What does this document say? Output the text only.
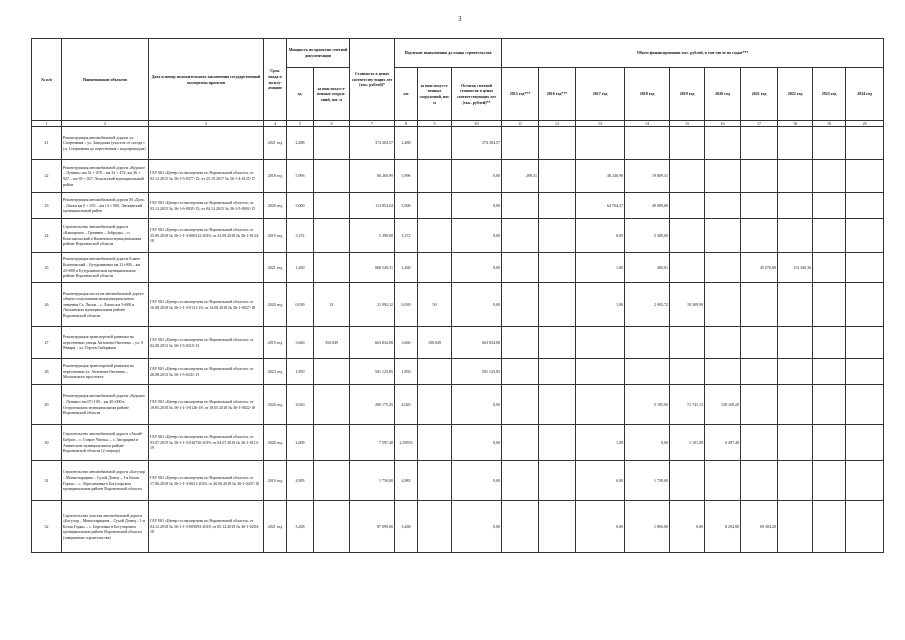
3
№ п/п	Наименование объектов	Дата и номер положительного заключения государственной экспертизы проектов	Срок ввода в эксплу-атацию	Мощность по проектно-сметной документации		Стоимость в ценах соответству-ющих лет (тыс. рублей)*	Подлежит выполнению до конца строительства			Объем финансирования тыс. рублей, в том числе по годам***									
				ед.	за ним искусст-венных сооруж-ений, пог. м		км	за ним искусст-венных сооружений, пог. м	Остаток сметной стоимости в ценах соответствующих лет (тыс. рублей)**	2015 год***	2016 год***	2017 год	2018 год	2019 год	2020 год	2021 год	2022 год	2023 год	2024 год
1	2	3	4	5	6	7	8	9	10	11	12	13	14	15	16	17	18	19	20
21	Реконструкция автомобильной дороги ул. Спортивная – ул. Заводская (участок от съезда с ул. Спортивная до пересечения с водопроводом)		2021 год	2,488		374 304,57	2,488		374 304,57										
22	Реконструкция автомобильной дороги «Курское – Лунино» км 32 + 078 – км 34 + 474, км 36 + 927 – км 39 + 027, Хохольский муниципальный район	ГАУ ВО «Центр госэкспертизы по Воронежской области» от 03.12.2015 № 36-1-5-0377-15; от 25.10.2017 № 36-1-4-0125-17	2018 год	5,996		66 260,99	5,996		0,00	289,31		46 246,98	19 809,31						
23	Реконструкция автомобильной дороги М «Дон» – Лиски км 0 + 255 – км 14 + 000, Лискинский муниципальный район	ГАУ ВО «Центр госэкспертизы по Воронежской области» от 03.12.2015 № 36-1-6-0035-15; от 04.12.2015 № 36-1-5-0092-15	2020 год	5,000		113 854,04	5,000		0,00			64 764,37	49 089,68						
24	Строительство автомобильной дороги «Каширское – Грачевка – Заброды» – п. Комсомольский в Каменском муниципальном районе Воронежской области	ГАУ ВО «Центр госэкспертизы по Воронежской области» от 25.09.2018 № 36-1-1-3-000312-2018; от 24.09.2018 № 36-1-0134-18	2019 год	3,372		5 390,00	3,372		0,00			0,09	5 389,00						
25	Реконструкция автомобильной дороги Елань-Коленовский – Бутурлиновка км 21+000 – км 22+000 в Бутурлиновском муниципальном районе Воронежской области		2021 год	1,460		068 549,31	1,460		0,00			1,00	400,01			45 070,00	113 340,30		
26	Реконструкция моста на автомобильной дороге общего пользования межмуниципального значения Ст. Лиски – с. Лиски км 3+000 в Лискинском муниципальном районе Воронежской области	ГАУ ВО «Центр госэкспертизы по Воронежской области» от 16.08.2018 № 36-1-1-3-0131-18; от 14.08.2018 № 36-1-0027-18	2020 год	0,039	31	21 092,32	0,039	50	0,00			1,00	2 092,72	18 309,90					
27	Реконструкция транспортной развязки на пересечении улицы Антонова-Овсеенко – ул. 9 Января – ул. Героев Сибиряков	ГАУ ВО «Центр госэкспертизы по Воронежской области» от 02.08.2013 № 36-1-5-0215-13	2019 год	3,660	350,049	663 834,08	3,660	100,049	663 834,08										
28	Реконструкция транспортной развязки на пересечении ул. Антонова-Овсеенко – Московского проспекта	ГАУ ВО «Центр госэкспертизы по Воронежской области» от 28.08.2013 № 36-1-5-0241-13	2023 год	1,850		501 123,85	1,850		501 123,85										
29	Реконструкция автомобильной дороги «Курское – Лунино» км 07+100 – км 20+000 в Острогожском муниципальном районе Воронежской области	ГАУ ВО «Центр госэкспертизы по Воронежской области» от 18.05.2018 № 36-1-1-3-0126-18; от 18.05.2018 № 36-1-0022-18	2020 год	4,020		206 175,35	4,020		0,00				5 185,00	71 741,13	128 169,20				
30	Строительство автомобильной дороги «Аксай-Бобров – с. Старое Чиглы» – с. Загорщина в Аннинском муниципальном районе Воронежской области (2 очередь)	ГАУ ВО «Центр госэкспертизы по Воронежской области» от 03.07.2019 № 36-1-1-3-016730-2019; от 04.07.2019 № 36-1-0113-19	2020 год	2,609		7 597,40	2,59933		0,00			1,00	0,00	1 101,00	6 497,40				
31	Строительство автомобильной дороги «Богучар – Монастырщина – Сухой Донец – 1-я Белая Горка» – с. Абросимовка в Богучарском муниципальном районе Воронежской области	ГАУ ВО «Центр госэкспертизы по Воронежской области» от 17.06.2018 № 36-1-1-3-0021-2018; от 20.06.2018 № 36-1-0437-18	2019 год	4,983		1 750,00	4,983		0,00			0,00	1 750,00						
32	Строительство участка автомобильной дороги «Богучар – Монастырщина – Сухой Донец – 1-я Белая Горка» – с. Березовка в Богучарском муниципальном районе Воронежской области (завершение строительства)	ГАУ ВО «Центр госэкспертизы по Воронежской области» от 04.12.2018 № 36-1-1-3-005093-2018; от 05.12.2018 № 36-1-0204-18	2021 год	3,268		87 099,00	3,268		0,00			0,00	1 800,00	0,00	8 294,80	69 304,20			
